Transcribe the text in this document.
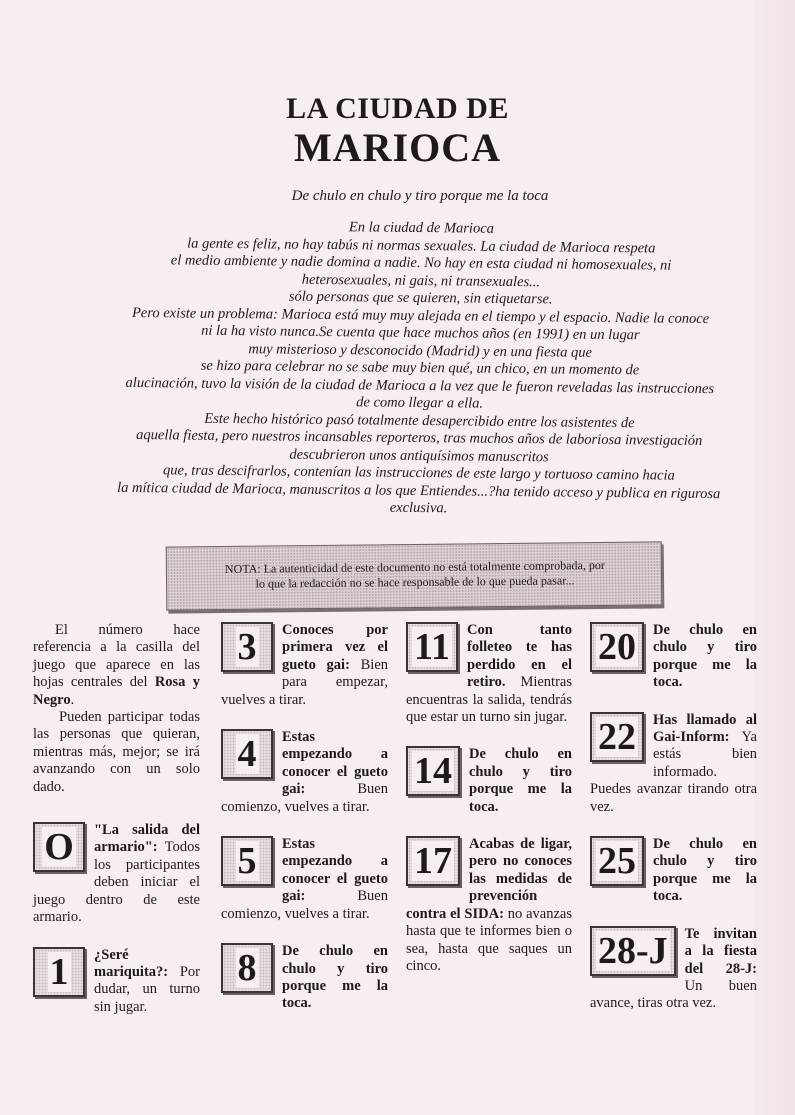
LA CIUDAD DE
MARIOCA
De chulo en chulo y tiro porque me la toca

En la ciudad de Marioca

la gente es feliz, no hay tabús ni normas sexuales. La ciudad de Marioca respeta

el medio ambiente y nadie domina a nadie. No hay en esta ciudad ni homosexuales, ni

heterosexuales, ni gais, ni transexuales...

sólo personas que se quieren, sin etiquetarse.

Pero existe un problema: Marioca está muy muy alejada en el tiempo y el espacio. Nadie la conoce

ni la ha visto nunca.Se cuenta que hace muchos años (en 1991) en un lugar

muy misterioso y desconocido (Madrid) y en una fiesta que

se hizo para celebrar no se sabe muy bien qué, un chico, en un momento de

alucinación, tuvo la visión de la ciudad de Marioca a la vez que le fueron reveladas las instrucciones

de como llegar a ella.

Este hecho histórico pasó totalmente desapercibido entre los asistentes de

aquella fiesta, pero nuestros incansables reporteros, tras muchos años de laboriosa investigación

descubrieron unos antiquísimos manuscritos

que, tras descifrarlos, contenían las instrucciones de este largo y tortuoso camino hacia

la mítica ciudad de Marioca, manuscritos a los que Entiendes...?ha tenido acceso y publica en rigurosa

exclusiva.

NOTA: La autenticidad de este documento no está totalmente comprobada, por
lo que la redacción no se hace responsable de lo que pueda pasar...

El número hace referencia a la casilla del juego que aparece en las hojas centrales del Rosa y Negro.

Pueden participar todas las personas que quieran, mientras más, mejor; se irá avanzando con un solo dado.

O "La salida del armario": Todos los participantes deben iniciar el juego dentro de este armario.
1 ¿Seré mariquita?: Por dudar, un turno sin jugar.
3 Conoces por primera vez el gueto gai: Bien para empezar, vuelves a tirar.
4 Estas empezando a conocer el gueto gai: Buen comienzo, vuelves a tirar.
5 Estas empezando a conocer el gueto gai: Buen comienzo, vuelves a tirar.
8 De chulo en chulo y tiro porque me la toca.
11 Con tanto folleteo te has perdido en el retiro. Mientras encuentras la salida, tendrás que estar un turno sin jugar.
14 De chulo en chulo y tiro porque me la toca.
17 Acabas de ligar, pero no conoces las medidas de prevención contra el SIDA: no avanzas hasta que te informes bien o sea, hasta que saques un cinco.
20 De chulo en chulo y tiro porque me la toca.
22 Has llamado al Gai-Inform: Ya estás bien informado. Puedes avanzar tirando otra vez.
25 De chulo en chulo y tiro porque me la toca.
28-J Te invitan a la fiesta del 28-J: Un buen avance, tiras otra vez.
